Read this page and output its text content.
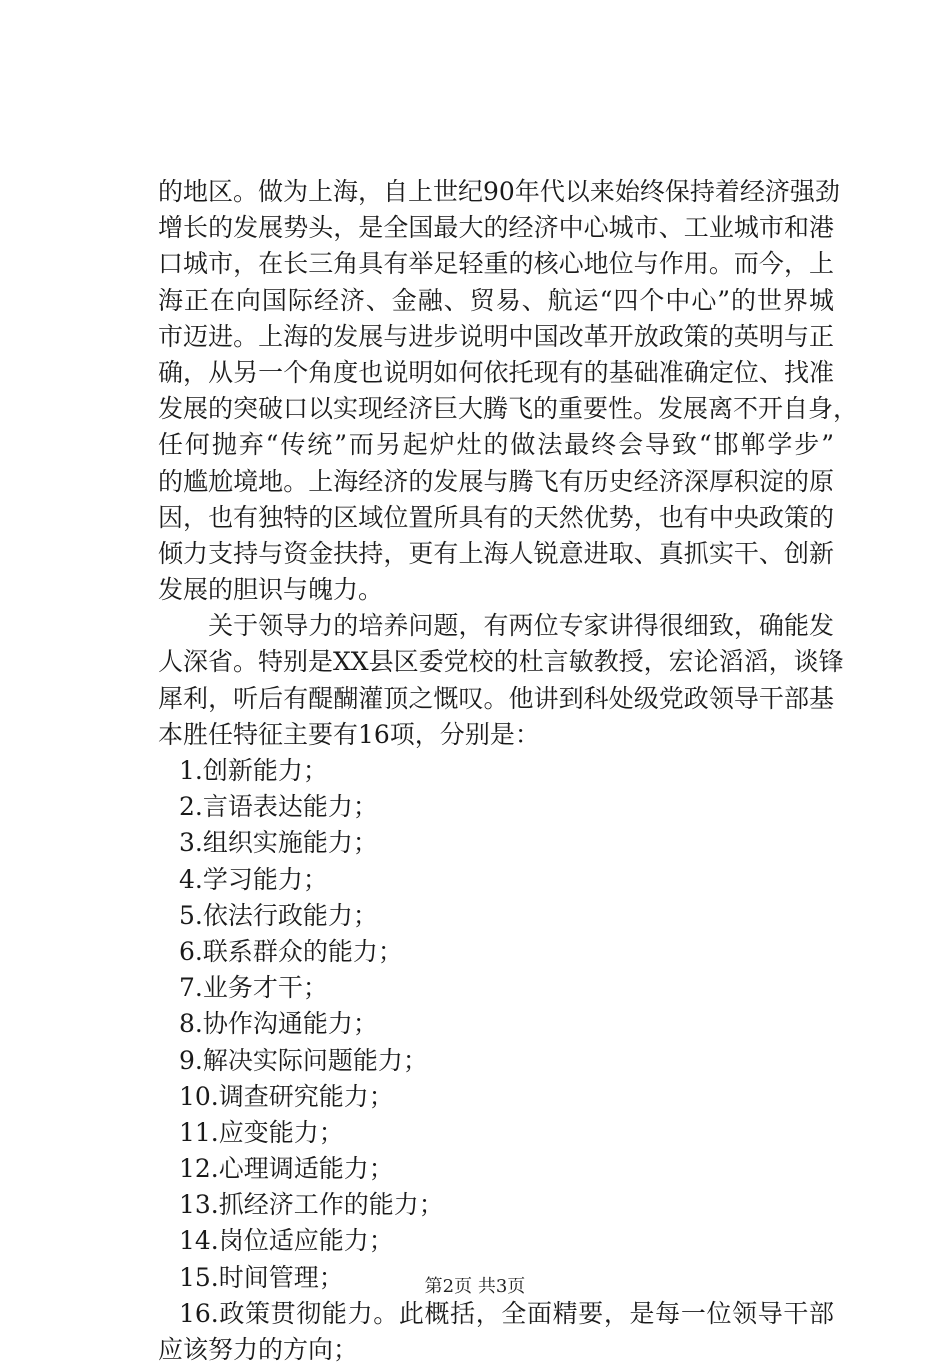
的地区。做为上海，自上世纪90年代以来始终保持着经济强劲
增长的发展势头，是全国最大的经济中心城市、工业城市和港
口城市，在长三角具有举足轻重的核心地位与作用。而今，上
海正在向国际经济、金融、贸易、航运“四个中心”的世界城
市迈进。上海的发展与进步说明中国改革开放政策的英明与正
确，从另一个角度也说明如何依托现有的基础准确定位、找准
发展的突破口以实现经济巨大腾飞的重要性。发展离不开自身，
任何抛弃“传统”而另起炉灶的做法最终会导致“邯郸学步”
的尴尬境地。上海经济的发展与腾飞有历史经济深厚积淀的原
因，也有独特的区域位置所具有的天然优势，也有中央政策的
倾力支持与资金扶持，更有上海人锐意进取、真抓实干、创新
发展的胆识与魄力。
　　关于领导力的培养问题，有两位专家讲得很细致，确能发
人深省。特别是XX县区委党校的杜言敏教授，宏论滔滔，谈锋
犀利，听后有醍醐灌顶之慨叹。他讲到科处级党政领导干部基
本胜任特征主要有16项，分别是：
1.创新能力；
2.言语表达能力；
3.组织实施能力；
4.学习能力；
5.依法行政能力；
6.联系群众的能力；
7.业务才干；
8.协作沟通能力；
9.解决实际问题能力；
10.调查研究能力；
11.应变能力；
12.心理调适能力；
13.抓经济工作的能力；
14.岗位适应能力；
15.时间管理；
16.政策贯彻能力。此概括，全面精要，是每一位领导干部
应该努力的方向；
第2页 共3页
